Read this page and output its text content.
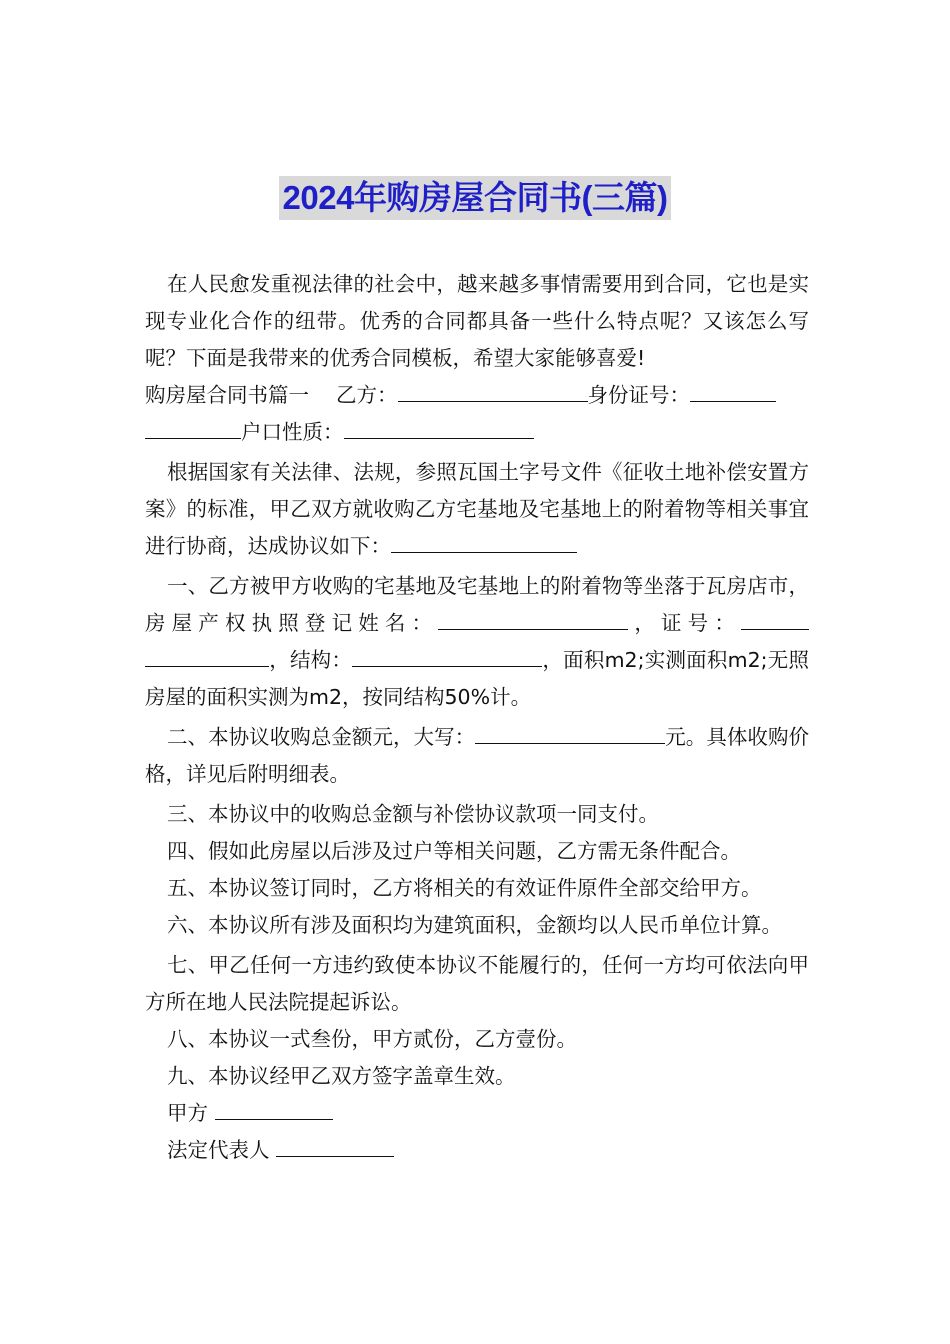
2024年购房屋合同书(三篇)

在人民愈发重视法律的社会中，越来越多事情需要用到合同，它也是实现专业化合作的纽带。优秀的合同都具备一些什么特点呢？又该怎么写呢？下面是我带来的优秀合同模板，希望大家能够喜爱!

购房屋合同书篇一 乙方：	身份证号：
户口性质：

根据国家有关法律、法规，参照瓦国土字号文件《征收土地补偿安置方案》的标准，甲乙双方就收购乙方宅基地及宅基地上的附着物等相关事宜进行协商，达成协议如下：

一、乙方被甲方收购的宅基地及宅基地上的附着物等坐落于瓦房店市，房屋产权执照登记姓名：	，证号：，结构：	，面积m2;实测面积m2;无照房屋的面积实测为m2，按同结构50%计。

二、本协议收购总金额元，大写：	元。具体收购价格，详见后附明细表。

三、本协议中的收购总金额与补偿协议款项一同支付。

四、假如此房屋以后涉及过户等相关问题，乙方需无条件配合。

五、本协议签订同时，乙方将相关的有效证件原件全部交给甲方。

六、本协议所有涉及面积均为建筑面积，金额均以人民币单位计算。

七、甲乙任何一方违约致使本协议不能履行的，任何一方均可依法向甲方所在地人民法院提起诉讼。

八、本协议一式叁份，甲方贰份，乙方壹份。

九、本协议经甲乙双方签字盖章生效。

甲方

法定代表人
